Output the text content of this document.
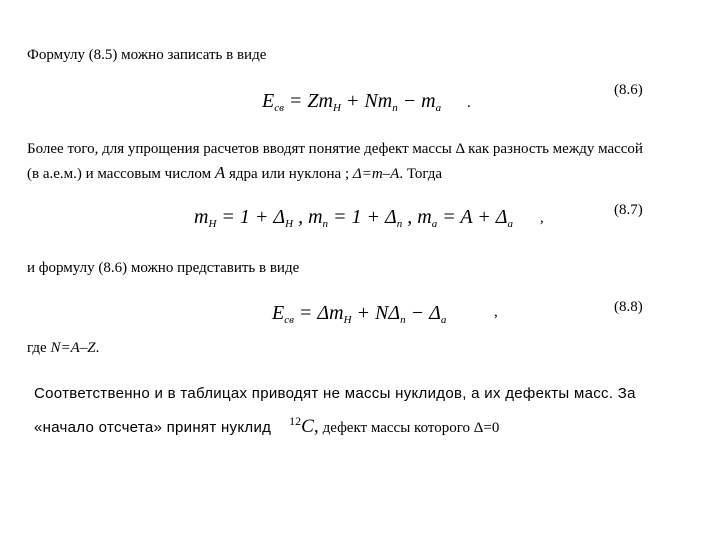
Формулу (8.5) можно записать в виде
$E_{св} = Zm_H + Nm_n - m_a$ .
(8.6)
Более того, для упрощения расчетов вводят понятие дефект массы Δ как разность между массой
(в а.е.м.) и массовым числом A ядра или нуклона ; Δ=m–A. Тогда
$m_H = 1 + \Delta_H$ , $m_n = 1 + \Delta_n$ , $m_a = A + \Delta_a$ ,	(8.7)
и формулу (8.6) можно представить в виде
$E_{св} = \Delta m_H + N\Delta_n - \Delta_a$	,	(8.8)
где N=A–Z.
Соответственно и в таблицах приводят не массы нуклидов, а их дефекты масс. За
«начало отсчета» принят нуклид $^{12}$C, дефект массы которого Δ=0
